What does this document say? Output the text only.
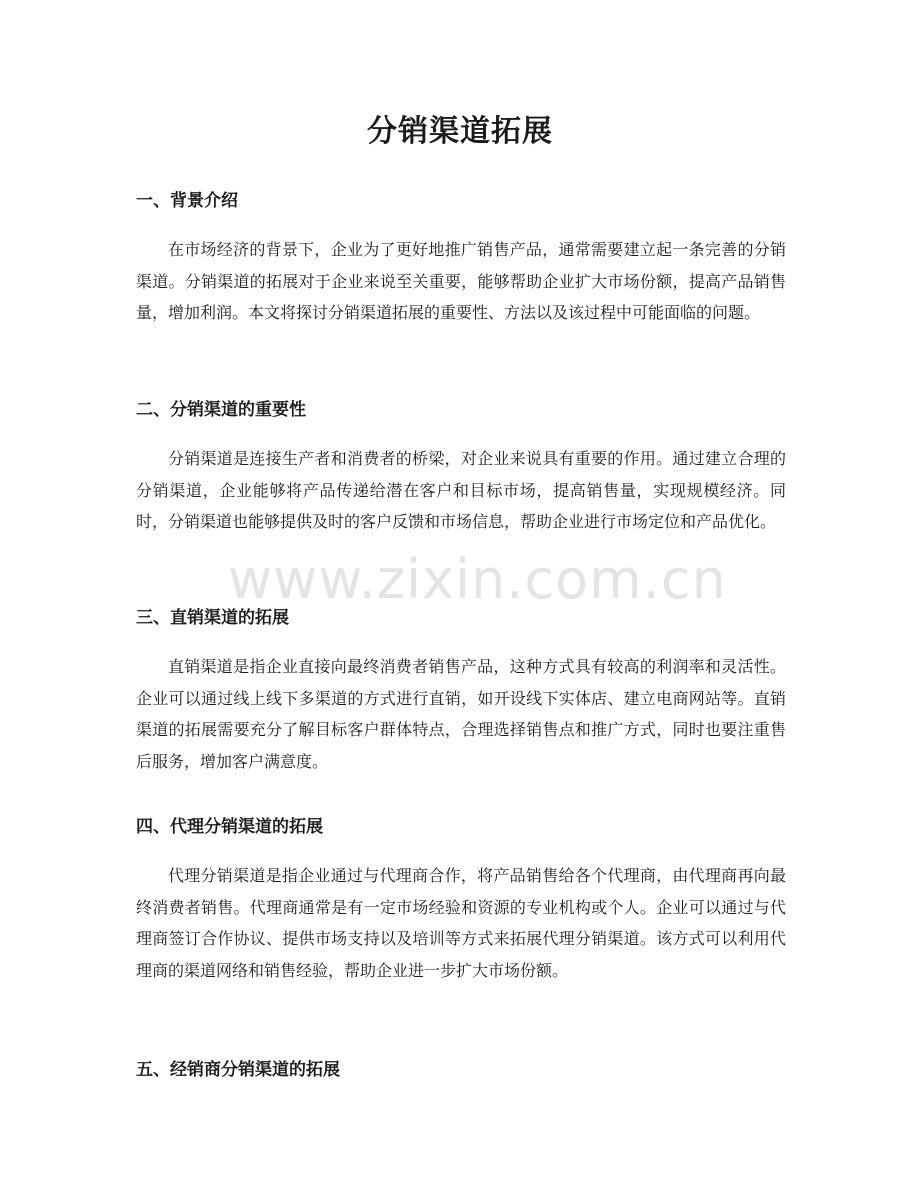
分销渠道拓展
一、背景介绍

在市场经济的背景下，企业为了更好地推广销售产品，通常需要建立起一条完善的分销渠道。分销渠道的拓展对于企业来说至关重要，能够帮助企业扩大市场份额，提高产品销售量，增加利润。本文将探讨分销渠道拓展的重要性、方法以及该过程中可能面临的问题。

二、分销渠道的重要性

分销渠道是连接生产者和消费者的桥梁，对企业来说具有重要的作用。通过建立合理的分销渠道，企业能够将产品传递给潜在客户和目标市场，提高销售量，实现规模经济。同时，分销渠道也能够提供及时的客户反馈和市场信息，帮助企业进行市场定位和产品优化。

三、直销渠道的拓展

直销渠道是指企业直接向最终消费者销售产品，这种方式具有较高的利润率和灵活性。企业可以通过线上线下多渠道的方式进行直销，如开设线下实体店、建立电商网站等。直销渠道的拓展需要充分了解目标客户群体特点，合理选择销售点和推广方式，同时也要注重售后服务，增加客户满意度。

四、代理分销渠道的拓展

代理分销渠道是指企业通过与代理商合作，将产品销售给各个代理商，由代理商再向最终消费者销售。代理商通常是有一定市场经验和资源的专业机构或个人。企业可以通过与代理商签订合作协议、提供市场支持以及培训等方式来拓展代理分销渠道。该方式可以利用代理商的渠道网络和销售经验，帮助企业进一步扩大市场份额。

五、经销商分销渠道的拓展
www.zixin.com.cn
